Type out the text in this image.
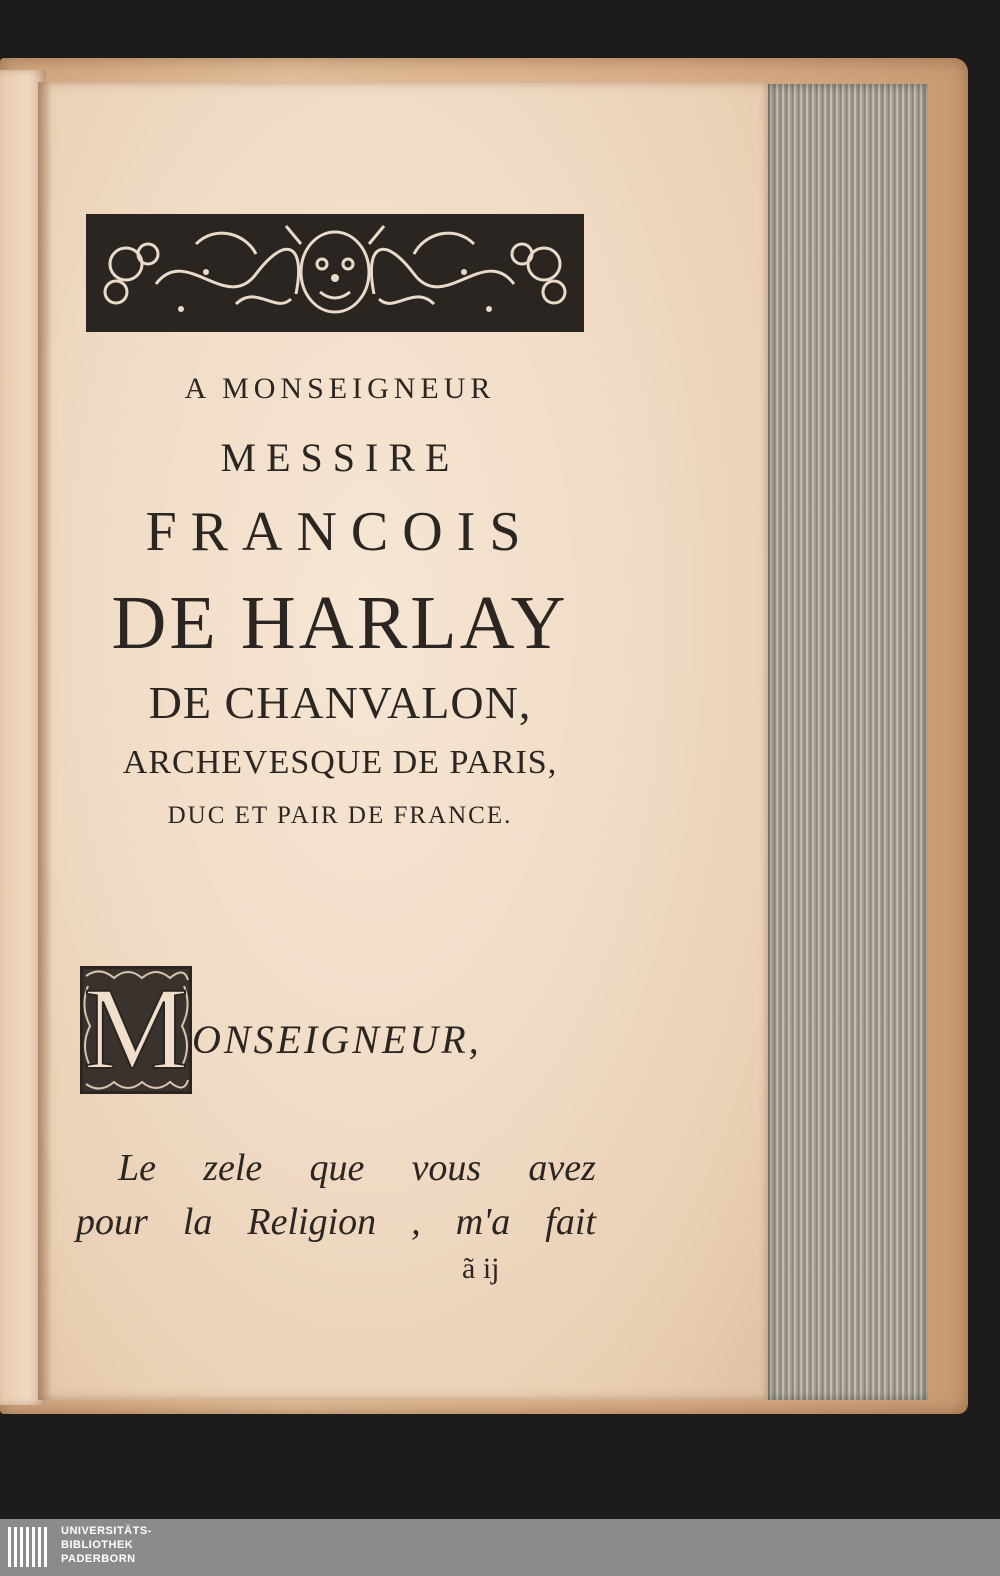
A MONSEIGNEUR
MESSIRE
FRANCOIS
DE HARLAY
DE CHANVALON,
ARCHEVESQUE DE PARIS,
DUC ET PAIR DE FRANCE.
M ONSEIGNEUR,
Le zele que vous avez
pour la Religion , m'a fait
ã ij
UNIVERSITÄTS-
BIBLIOTHEK
PADERBORN
